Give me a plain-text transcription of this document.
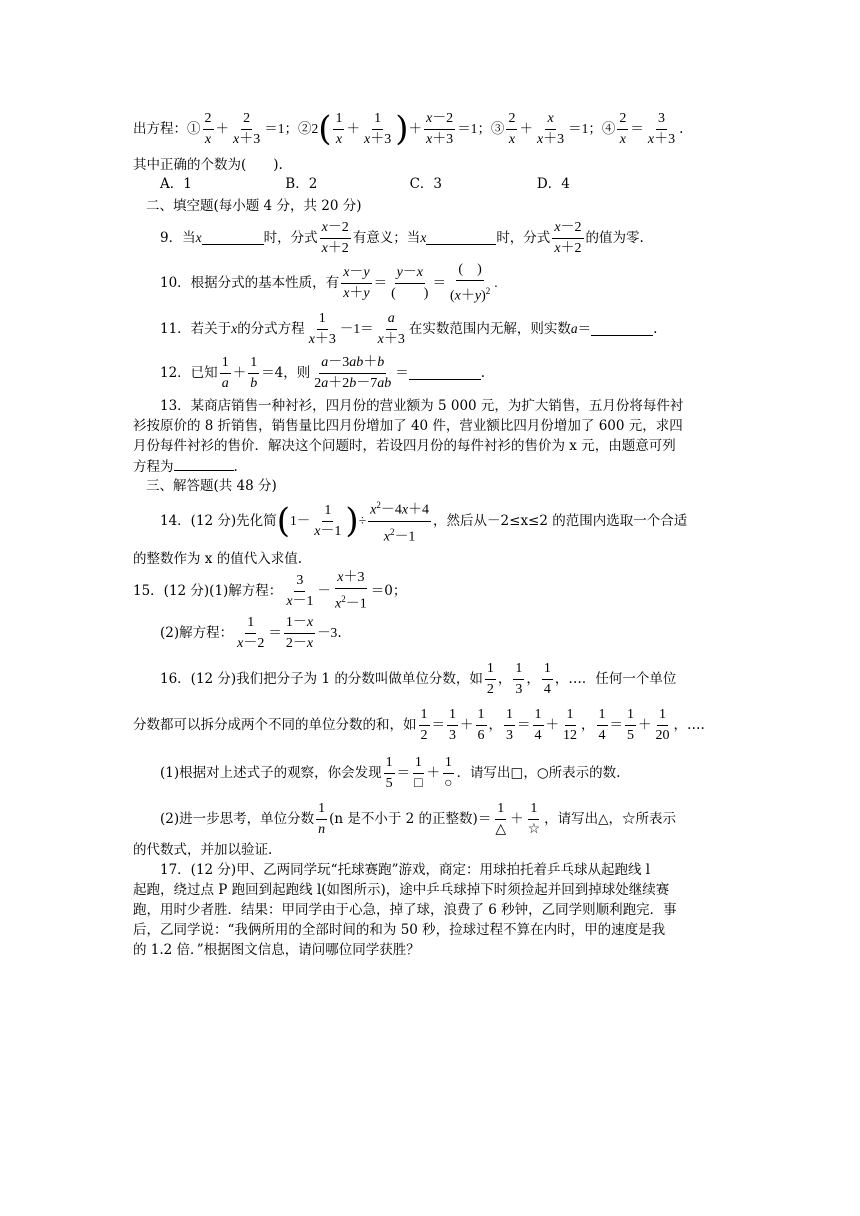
出方程：① $\frac{2}{x} + \frac{2}{x+3} =1$ ；② 2 ( $\frac{1}{x} + \frac{1}{x+3}$ ) ＋ $\frac{x-2}{x+3} =1$ ；③ $\frac{2}{x} + \frac{x}{x+3} =1$ ；④ $\frac{2}{x} = \frac{3}{x+3}$ .
其中正确的个数为(　　).
A．1	B．2	C．3	D．4
二、填空题(每小题 4 分，共 20 分)
9．当 x	时，分式 $\frac{x-2}{x+2}$ 有意义；当 x	时，分式 $\frac{x-2}{x+2}$ 的值为零.
10．根据分式的基本性质，有 $\frac{x-y}{x+y} = \frac{y-x}{( )} = \frac{( )}{(x+y)^2}$ .
11．若关于 x 的分式方程 $\frac{1}{x+3} -1= \frac{a}{x+3}$ 在实数范围内无解，则实数 a ＝	.
12．已知 $\frac{1}{a} + \frac{1}{b} =4$，则 $\frac{a-3ab+b}{2a+2b-7ab}$ ＝	.
13．某商店销售一种衬衫，四月份的营业额为 5 000 元，为扩大销售，五月份将每件衬
衫按原价的 8 折销售，销售量比四月份增加了 40 件，营业额比四月份增加了 600 元，求四
月份每件衬衫的售价．解决这个问题时，若设四月份的每件衬衫的售价为 x 元，由题意可列
方程为	.
三、解答题(共 48 分)
14．(12 分)先化简 ( $1- \frac{1}{x-1}$ ) ÷ $\frac{x^2-4x+4}{x^2-1}$ ，然后从－2≤x≤2 的范围内选取一个合适
的整数作为 x 的值代入求值.
15．(12 分)(1)解方程： $\frac{3}{x-1} - \frac{x+3}{x^2-1} =0$；
(2)解方程： $\frac{1}{x-2} = \frac{1-x}{2-x} -3$ .
16．(12 分)我们把分子为 1 的分数叫做单位分数，如 $\frac{1}{2}$ ， $\frac{1}{3}$ ， $\frac{1}{4}$ ，…．任何一个单位
分数都可以拆分成两个不同的单位分数的和，如 $\frac{1}{2} = \frac{1}{3} + \frac{1}{6}$ ， $\frac{1}{3} = \frac{1}{4} + \frac{1}{12}$ ， $\frac{1}{4} = \frac{1}{5} + \frac{1}{20}$ ，….
(1)根据对上述式子的观察，你会发现 $\frac{1}{5} = \frac{1}{□} + \frac{1}{○}$ ．请写出□，○所表示的数.
(2)进一步思考，单位分数 $\frac{1}{n} (n$ 是不小于 2 的正整数)＝ $\frac{1}{\triangle} + \frac{1}{☆}$ ，请写出△，☆所表示
的代数式，并加以验证.
17．(12 分)甲、乙两同学玩“托球赛跑”游戏，商定：用球拍托着乒乓球从起跑线 l
起跑，绕过点 P 跑回到起跑线 l(如图所示)，途中乒乓球掉下时须捡起并回到掉球处继续赛
跑，用时少者胜．结果：甲同学由于心急，掉了球，浪费了 6 秒钟，乙同学则顺利跑完．事
后，乙同学说：“我俩所用的全部时间的和为 50 秒，捡球过程不算在内时，甲的速度是我
的 1.2 倍．”根据图文信息，请问哪位同学获胜？
